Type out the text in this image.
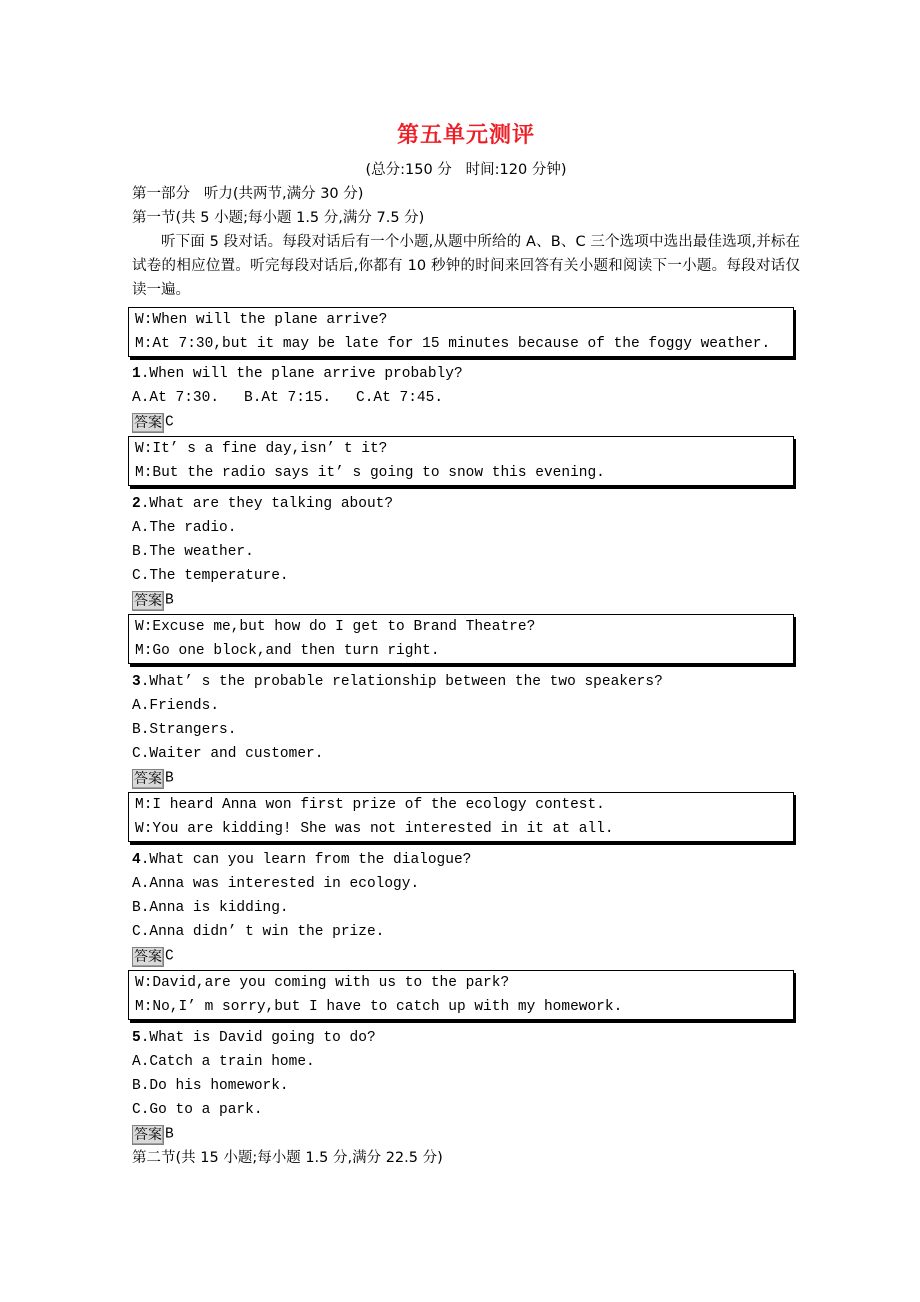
第五单元测评
(总分:150 分   时间:120 分钟)
第一部分   听力(共两节,满分 30 分)
第一节(共 5 小题;每小题 1.5 分,满分 7.5 分)
听下面 5 段对话。每段对话后有一个小题,从题中所给的 A、B、C 三个选项中选出最佳选项,并标在试卷的相应位置。听完每段对话后,你都有 10 秒钟的时间来回答有关小题和阅读下一小题。每段对话仅读一遍。
W:When will the plane arrive?
M:At 7:30,but it may be late for 15 minutes because of the foggy weather.
1.When will the plane arrive probably?
A.At 7:30. B.At 7:15. C.At 7:45.
答案 C
W:It’ s a fine day,isn’ t it?
M:But the radio says it’ s going to snow this evening.
2.What are they talking about?
A.The radio.
B.The weather.
C.The temperature.
答案 B
W:Excuse me,but how do I get to Brand Theatre?
M:Go one block,and then turn right.
3.What’ s the probable relationship between the two speakers?
A.Friends.
B.Strangers.
C.Waiter and customer.
答案 B
M:I heard Anna won first prize of the ecology contest.
W:You are kidding! She was not interested in it at all.
4.What can you learn from the dialogue?
A.Anna was interested in ecology.
B.Anna is kidding.
C.Anna didn’ t win the prize.
答案 C
W:David,are you coming with us to the park?
M:No,I’ m sorry,but I have to catch up with my homework.
5.What is David going to do?
A.Catch a train home.
B.Do his homework.
C.Go to a park.
答案 B
第二节(共 15 小题;每小题 1.5 分,满分 22.5 分)
